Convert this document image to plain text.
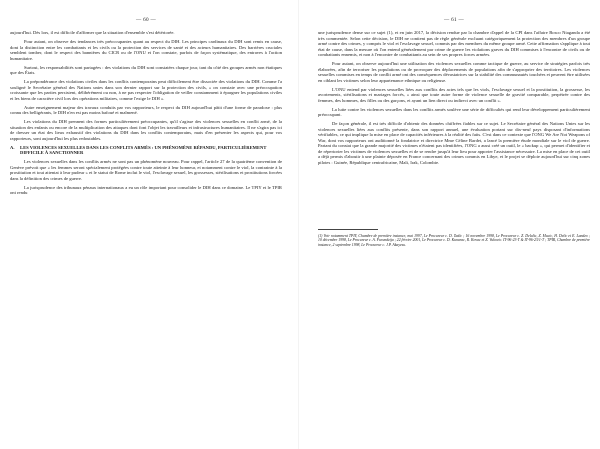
— 60 —

aujourd'hui. Dès lors, il est difficile d'affirmer que la situation d'ensemble s'est détériorée.

Pour autant, on observe des tendances très préoccupantes quant au respect du DIH. Les principes cardinaux du DIH sont remis en cause, dont la distinction entre les combattants et les civils ou la protection des services de santé et des acteurs humanitaires. Des barrières cruciales semblent tomber, dont le respect des bannières du CICR ou de l'ONU et l'on constate, parfois de façon systématique, des entraves à l'action humanitaire.

Surtout, les responsabilités sont partagées : des violations du DIH sont constatées chaque jour, tant du côté des groupes armés non étatiques que des États.

La prépondérance des violations civiles dans les conflits contemporains peut difficilement être dissociée des violations du DIH. Comme l'a souligné le Secrétaire général des Nations unies dans son dernier rapport sur la protection des civils, « on constate avec une préoccupation croissante que les parties persistent, délibérément ou non, à ne pas respecter l'obligation de veiller constamment à épargner les populations civiles et les biens de caractère civil lors des opérations militaires, comme l'exige le DIH ».

Autre enseignement majeur des travaux conduits par vos rapporteurs, le respect du DIH aujourd'hui pâtit d'une forme de paradoxe : plus connu des belligérants, le DIH n'en est pas moins bafoué et malmené.

Les violations du DIH prennent des formes particulièrement préoccupantes, qu'il s'agisse des violences sexuelles en conflit armé, de la situation des enfants ou encore de la multiplication des attaques dont font l'objet les travailleurs et infrastructures humanitaires. Il ne s'agira pas ici de dresser un état des lieux exhaustif des violations du DIH dans les conflits contemporains, mais d'en présenter les aspects qui, pour vos rapporteurs, sont aujourd'hui les plus redoutables.

A. LES VIOLENCES SEXUELLES DANS LES CONFLITS ARMÉS : UN PHÉNOMÈNE RÉPANDU, PARTICULIÈREMENT DIFFICILE À SANCTIONNER

Les violences sexuelles dans les conflits armés ne sont pas un phénomène nouveau. Pour rappel, l'article 27 de la quatrième convention de Genève prévoit que « les femmes seront spécialement protégées contre toute atteinte à leur honneur, et notamment contre le viol, la contrainte à la prostitution et tout attentat à leur pudeur » et le statut de Rome inclut le viol, l'esclavage sexuel, les grossesses, stérilisations et prostitutions forcées dans la définition des crimes de guerre.

La jurisprudence des tribunaux pénaux internationaux a eu un rôle important pour consolider le DIH dans ce domaine. Le TPIY et le TPIR ont rendu

— 61 —

une jurisprudence dense sur ce sujet (1), et en juin 2017, la décision rendue par la chambre d'appel de la CPI dans l'affaire Bosco Ntaganda a été très commentée. Selon cette décision, le DIH ne contient pas de règle générale excluant catégoriquement la protection des membres d'un groupe armé contre des crimes, y compris le viol et l'esclavage sexuel, commis par des membres du même groupe armé. Cette affirmation s'applique à tout état de cause, dans la mesure où l'on entend généralement par crime de guerre les violations graves du DIH commises à l'encontre de civils ou de combattants ennemis, et non à l'encontre de combattants au sein de ses propres forces armées.

Pour autant, on observe aujourd'hui une utilisation des violences sexuelles comme tactique de guerre, au service de stratégies parfois très élaborées, afin de terroriser les populations ou de provoquer des déplacements de populations afin de s'approprier des territoires. Les violences sexuelles commises en temps de conflit armé ont des conséquences dévastatrices sur la stabilité des communautés touchées et peuvent être utilisées en ciblant les victimes selon leur appartenance ethnique ou religieuse.

L'ONU entend par violences sexuelles liées aux conflits des actes tels que les viols, l'esclavage sexuel et la prostitution, la grossesse, les avortements, stérilisations et mariages forcés, « ainsi que toute autre forme de violence sexuelle de gravité comparable, perpétrée contre des femmes, des hommes, des filles ou des garçons, et ayant un lien direct ou indirect avec un conflit ».

La lutte contre les violences sexuelles dans les conflits armés soulève une série de difficultés qui rend leur développement particulièrement préoccupant.

De façon générale, il est très difficile d'obtenir des données chiffrées fiables sur ce sujet. Le Secrétaire général des Nations Unies sur les violences sexuelles liées aux conflits présente, dans son rapport annuel, une évaluation portant sur dix-neuf pays disposant d'informations vérifiables, ce qui implique la mise en place de capacités inférieures à la réalité des faits. C'est dans ce contexte que l'ONG We Are Not Weapons of War, dont vos rapporteurs ont auditionné la fondatrice et directrice Mme Céline Bardet, a lancé la première étude mondiale sur le viol de guerre. Partant du constat que la grande majorité des victimes n'étaient pas identifiées, l'ONG a aussi créé un outil, le « backup », qui permet d'identifier et de répertorier les victimes de violences sexuelles et de se rendre jusqu'à leur lieu pour apporter l'assistance nécessaire. La mise en place de cet outil a déjà permis d'aboutir à une plainte déposée en France concernant des crimes commis en Libye, et le projet se déploie aujourd'hui sur cinq zones pilotes : Guinée, République centrafricaine, Mali, Irak, Colombie.

(1) Voir notamment TPIY, Chambre de première instance, mai 1997, Le Procureur c. D. Tadic ; 16 novembre 1998, Le Procureur c. Z. Delalic, Z. Mucic, H. Delic et E. Landzo ; 10 décembre 1998, Le Procureur c. A. Furundzija ; 22 février 2001, Le Procureur c. D. Kunarac, R. Kovac et Z. Vukovic. IT-96-23-T & IT-96-23/1-T ; TPIR, Chambre de première instance, 2 septembre 1998, Le Procureur c. J.P. Akayesu.
